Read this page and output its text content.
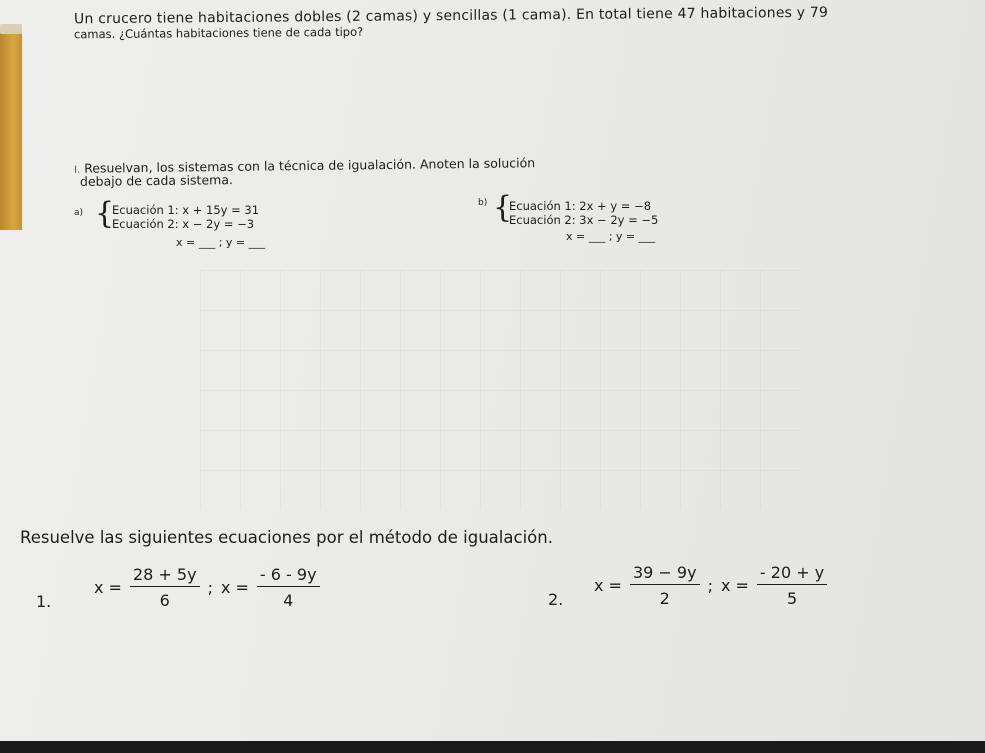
Un crucero tiene habitaciones dobles (2 camas) y sencillas (1 cama). En total tiene 47 habitaciones y 79
camas. ¿Cuántas habitaciones tiene de cada tipo?
I. Resuelvan, los sistemas con la técnica de igualación. Anoten la solución
debajo de cada sistema.
a) {
Ecuación 1: x + 15y = 31
Ecuación 2: x − 2y = −3
x = ___ ; y = ___
b) {
Ecuación 1: 2x + y = −8
Ecuación 2: 3x − 2y = −5
x = ___ ; y = ___
Resuelve las siguientes ecuaciones por el método de igualación.
1.
$x = \frac{28 + 5y}{6}$ ; $x = \frac{- 6 - 9y}{4}$	2.
$x = \frac{39 - 9y}{2}$ ; $x = \frac{- 20 + y}{5}$
